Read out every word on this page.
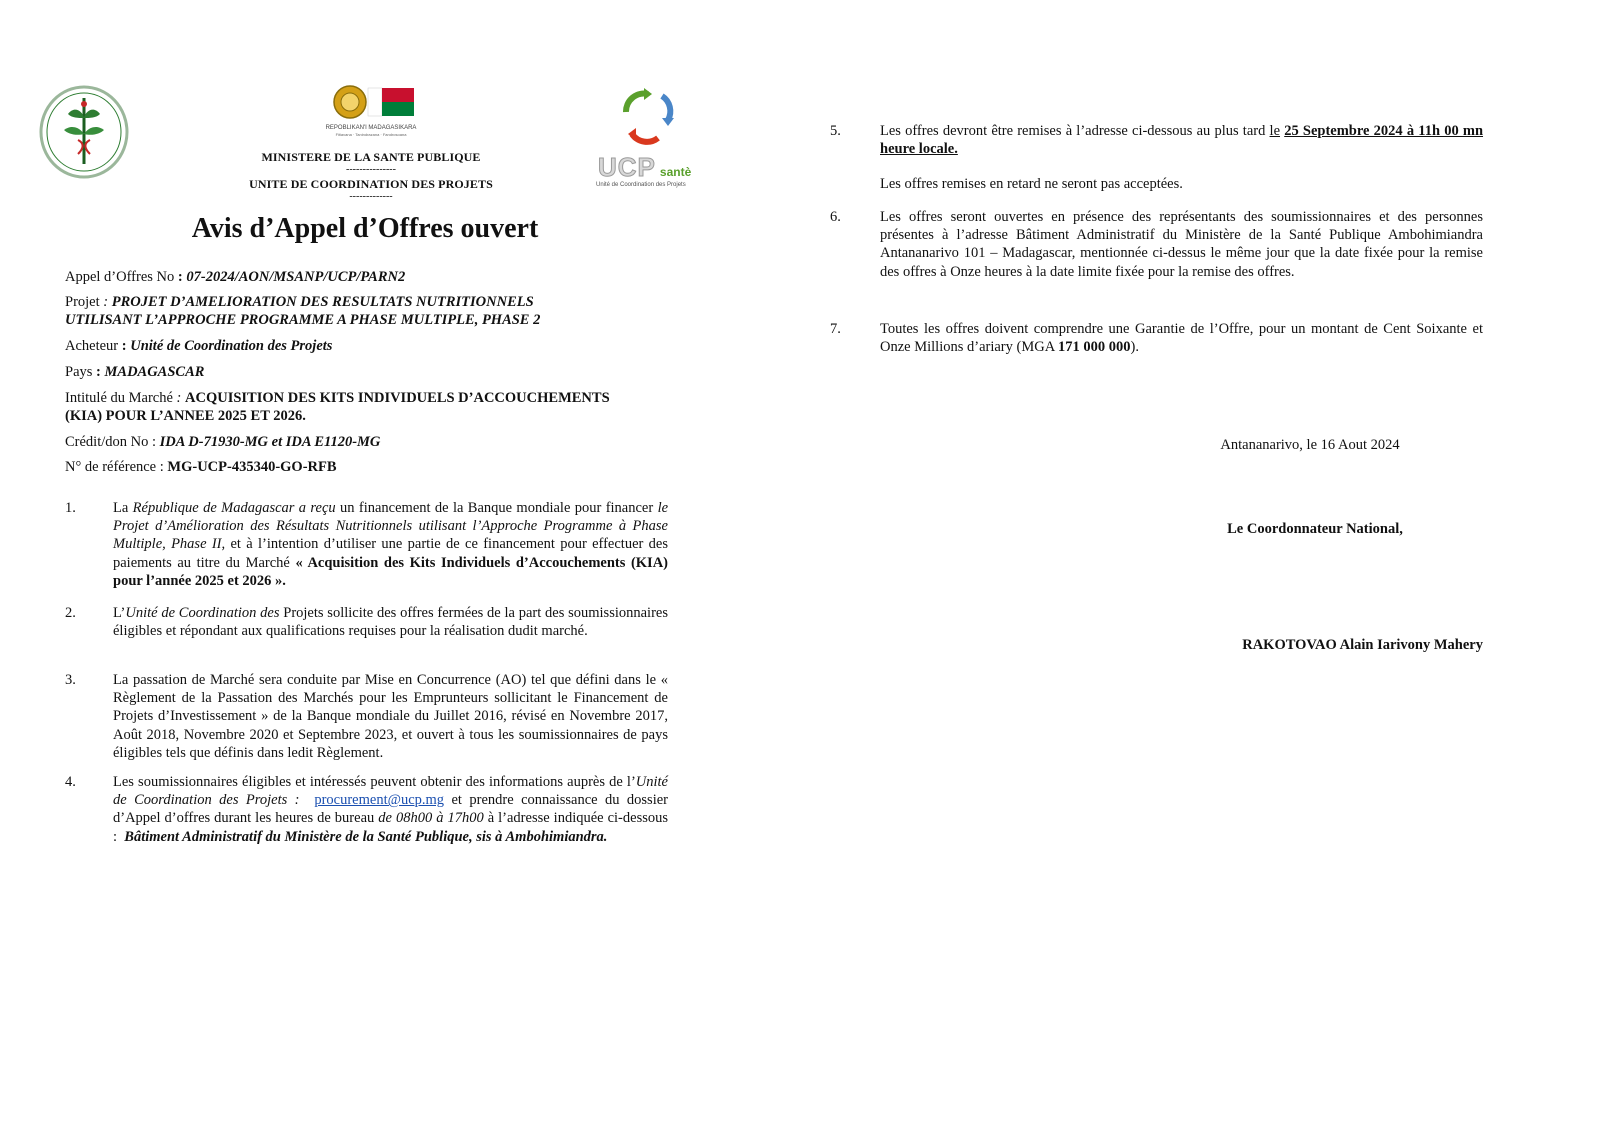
REPOBLIKAN'I MADAGASIKARA
Fitiavana · Tanindrazana · Fandrosoana
MINISTERE DE LA SANTE PUBLIQUE
---------------
UNITE DE COORDINATION DES PROJETS
-------------
UCP santè
Unité de Coordination des Projets
Avis d’Appel d’Offres ouvert
Appel d’Offres No : 07-2024/AON/MSANP/UCP/PARN2
Projet : PROJET D’AMELIORATION DES RESULTATS NUTRITIONNELS
UTILISANT L’APPROCHE PROGRAMME A PHASE MULTIPLE, PHASE 2
Acheteur : Unité de Coordination des Projets
Pays : MADAGASCAR
Intitulé du Marché : ACQUISITION DES KITS INDIVIDUELS D’ACCOUCHEMENTS
(KIA) POUR L’ANNEE 2025 ET 2026.
Crédit/don No : IDA D-71930-MG et IDA E1120-MG
N° de référence : MG-UCP-435340-GO-RFB
1.	La République de Madagascar a reçu un financement de la Banque mondiale pour financer le Projet d’Amélioration des Résultats Nutritionnels utilisant l’Approche Programme à Phase Multiple, Phase II, et à l’intention d’utiliser une partie de ce financement pour effectuer des paiements au titre du Marché « Acquisition des Kits Individuels d’Accouchements (KIA) pour l’année 2025 et 2026 ».
2.	L’Unité de Coordination des Projets sollicite des offres fermées de la part des soumissionnaires éligibles et répondant aux qualifications requises pour la réalisation dudit marché.
3.	La passation de Marché sera conduite par Mise en Concurrence (AO) tel que défini dans le « Règlement de la Passation des Marchés pour les Emprunteurs sollicitant le Financement de Projets d’Investissement » de la Banque mondiale du Juillet 2016, révisé en Novembre 2017, Août 2018, Novembre 2020 et Septembre 2023, et ouvert à tous les soumissionnaires de pays éligibles tels que définis dans ledit Règlement.
4.	Les soumissionnaires éligibles et intéressés peuvent obtenir des informations auprès de l’Unité de Coordination des Projets : procurement@ucp.mg et prendre connaissance du dossier d’Appel d’offres durant les heures de bureau de 08h00 à 17h00 à l’adresse indiquée ci-dessous : Bâtiment Administratif du Ministère de la Santé Publique, sis à Ambohimiandra.
5.	Les offres devront être remises à l’adresse ci-dessous au plus tard le 25 Septembre 2024 à 11h 00 mn heure locale.
Les offres remises en retard ne seront pas acceptées.
6.	Les offres seront ouvertes en présence des représentants des soumissionnaires et des personnes présentes à l’adresse Bâtiment Administratif du Ministère de la Santé Publique Ambohimiandra Antananarivo 101 – Madagascar, mentionnée ci-dessus le même jour que la date fixée pour la remise des offres à Onze heures à la date limite fixée pour la remise des offres.
7.	Toutes les offres doivent comprendre une Garantie de l’Offre, pour un montant de Cent Soixante et Onze Millions d’ariary (MGA 171 000 000).
Antananarivo, le 16 Aout 2024
Le Coordonnateur National,
RAKOTOVAO Alain Iarivony Mahery
